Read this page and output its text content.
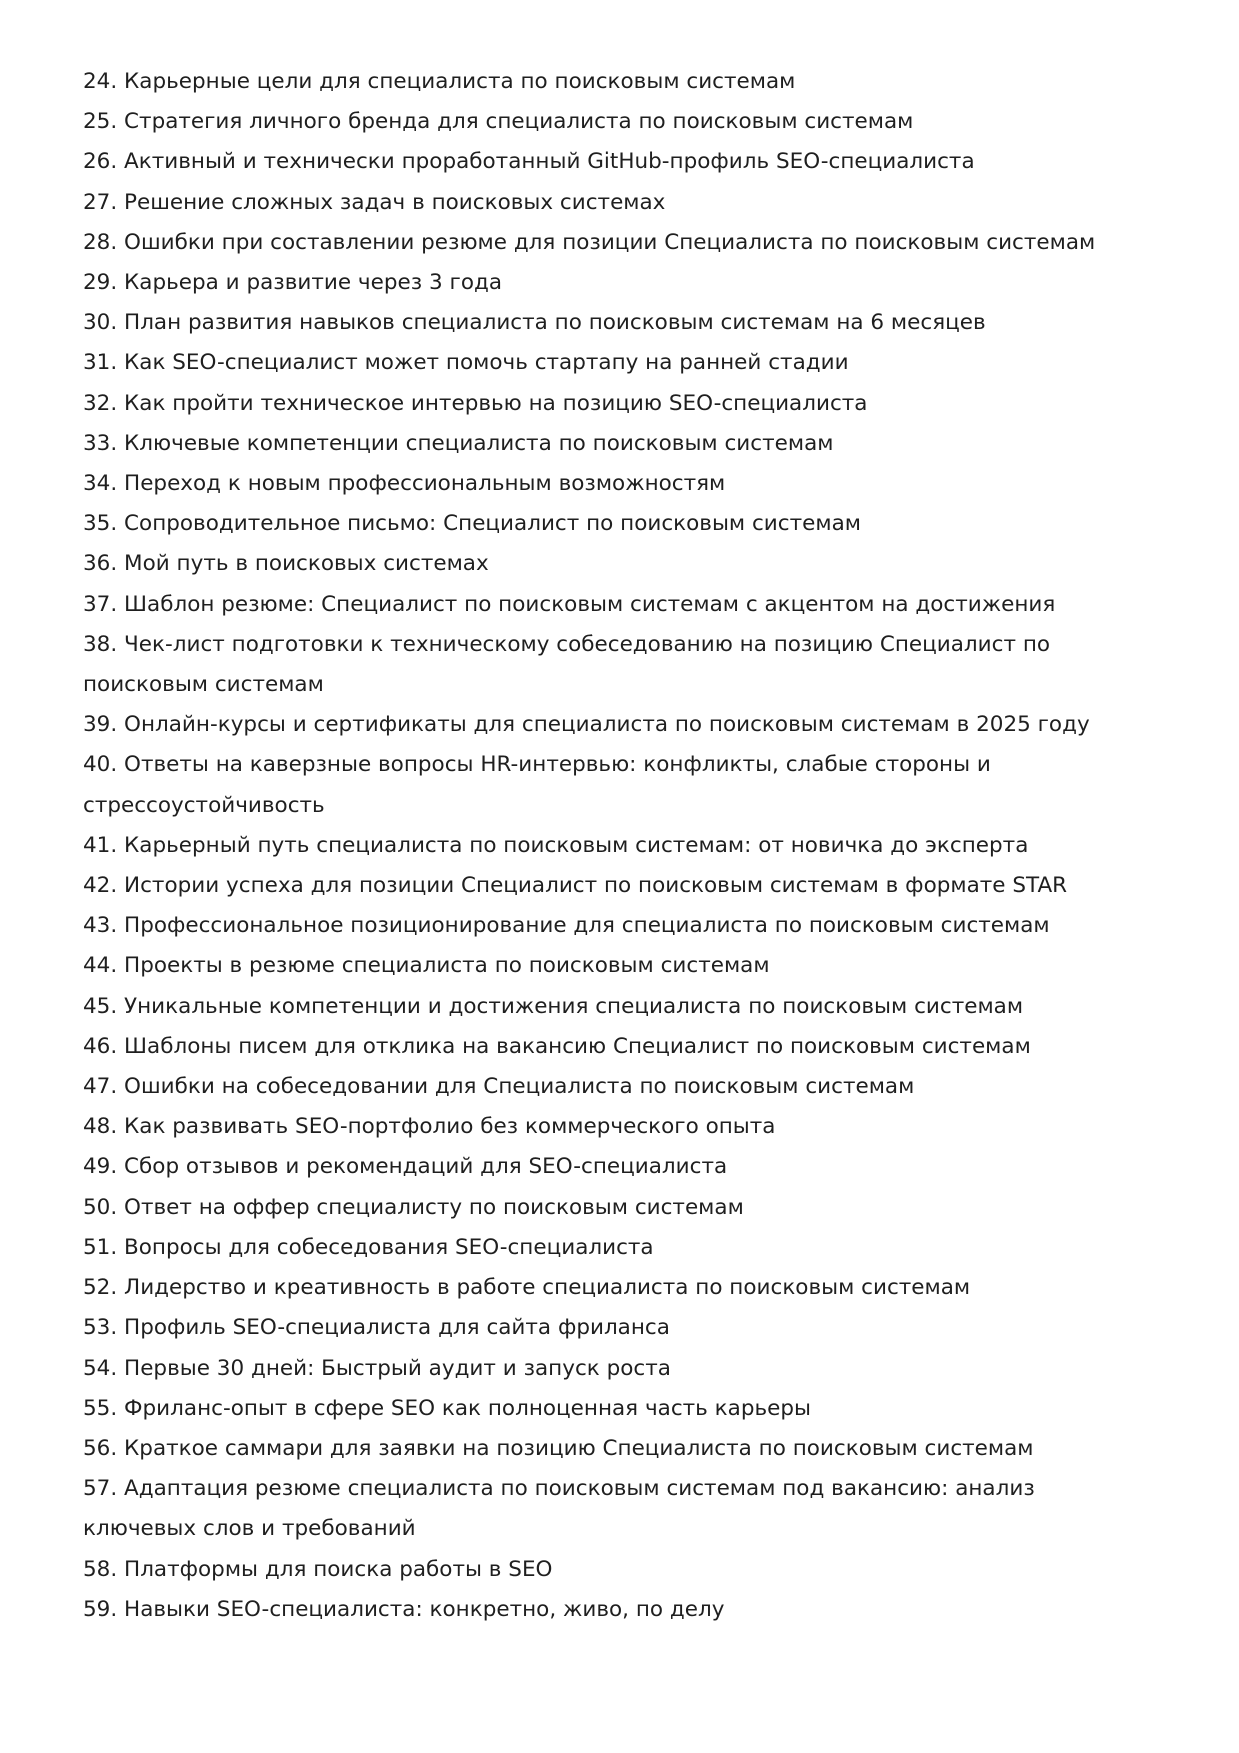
24. Карьерные цели для специалиста по поисковым системам
25. Стратегия личного бренда для специалиста по поисковым системам
26. Активный и технически проработанный GitHub-профиль SEO-специалиста
27. Решение сложных задач в поисковых системах
28. Ошибки при составлении резюме для позиции Специалиста по поисковым системам
29. Карьера и развитие через 3 года
30. План развития навыков специалиста по поисковым системам на 6 месяцев
31. Как SEO-специалист может помочь стартапу на ранней стадии
32. Как пройти техническое интервью на позицию SEO-специалиста
33. Ключевые компетенции специалиста по поисковым системам
34. Переход к новым профессиональным возможностям
35. Сопроводительное письмо: Специалист по поисковым системам
36. Мой путь в поисковых системах
37. Шаблон резюме: Специалист по поисковым системам с акцентом на достижения
38. Чек-лист подготовки к техническому собеседованию на позицию Специалист по поисковым системам
39. Онлайн-курсы и сертификаты для специалиста по поисковым системам в 2025 году
40. Ответы на каверзные вопросы HR-интервью: конфликты, слабые стороны и стрессоустойчивость
41. Карьерный путь специалиста по поисковым системам: от новичка до эксперта
42. Истории успеха для позиции Специалист по поисковым системам в формате STAR
43. Профессиональное позиционирование для специалиста по поисковым системам
44. Проекты в резюме специалиста по поисковым системам
45. Уникальные компетенции и достижения специалиста по поисковым системам
46. Шаблоны писем для отклика на вакансию Специалист по поисковым системам
47. Ошибки на собеседовании для Специалиста по поисковым системам
48. Как развивать SEO-портфолио без коммерческого опыта
49. Сбор отзывов и рекомендаций для SEO-специалиста
50. Ответ на оффер специалисту по поисковым системам
51. Вопросы для собеседования SEO-специалиста
52. Лидерство и креативность в работе специалиста по поисковым системам
53. Профиль SEO-специалиста для сайта фриланса
54. Первые 30 дней: Быстрый аудит и запуск роста
55. Фриланс-опыт в сфере SEO как полноценная часть карьеры
56. Краткое саммари для заявки на позицию Специалиста по поисковым системам
57. Адаптация резюме специалиста по поисковым системам под вакансию: анализ ключевых слов и требований
58. Платформы для поиска работы в SEO
59. Навыки SEO-специалиста: конкретно, живо, по делу
